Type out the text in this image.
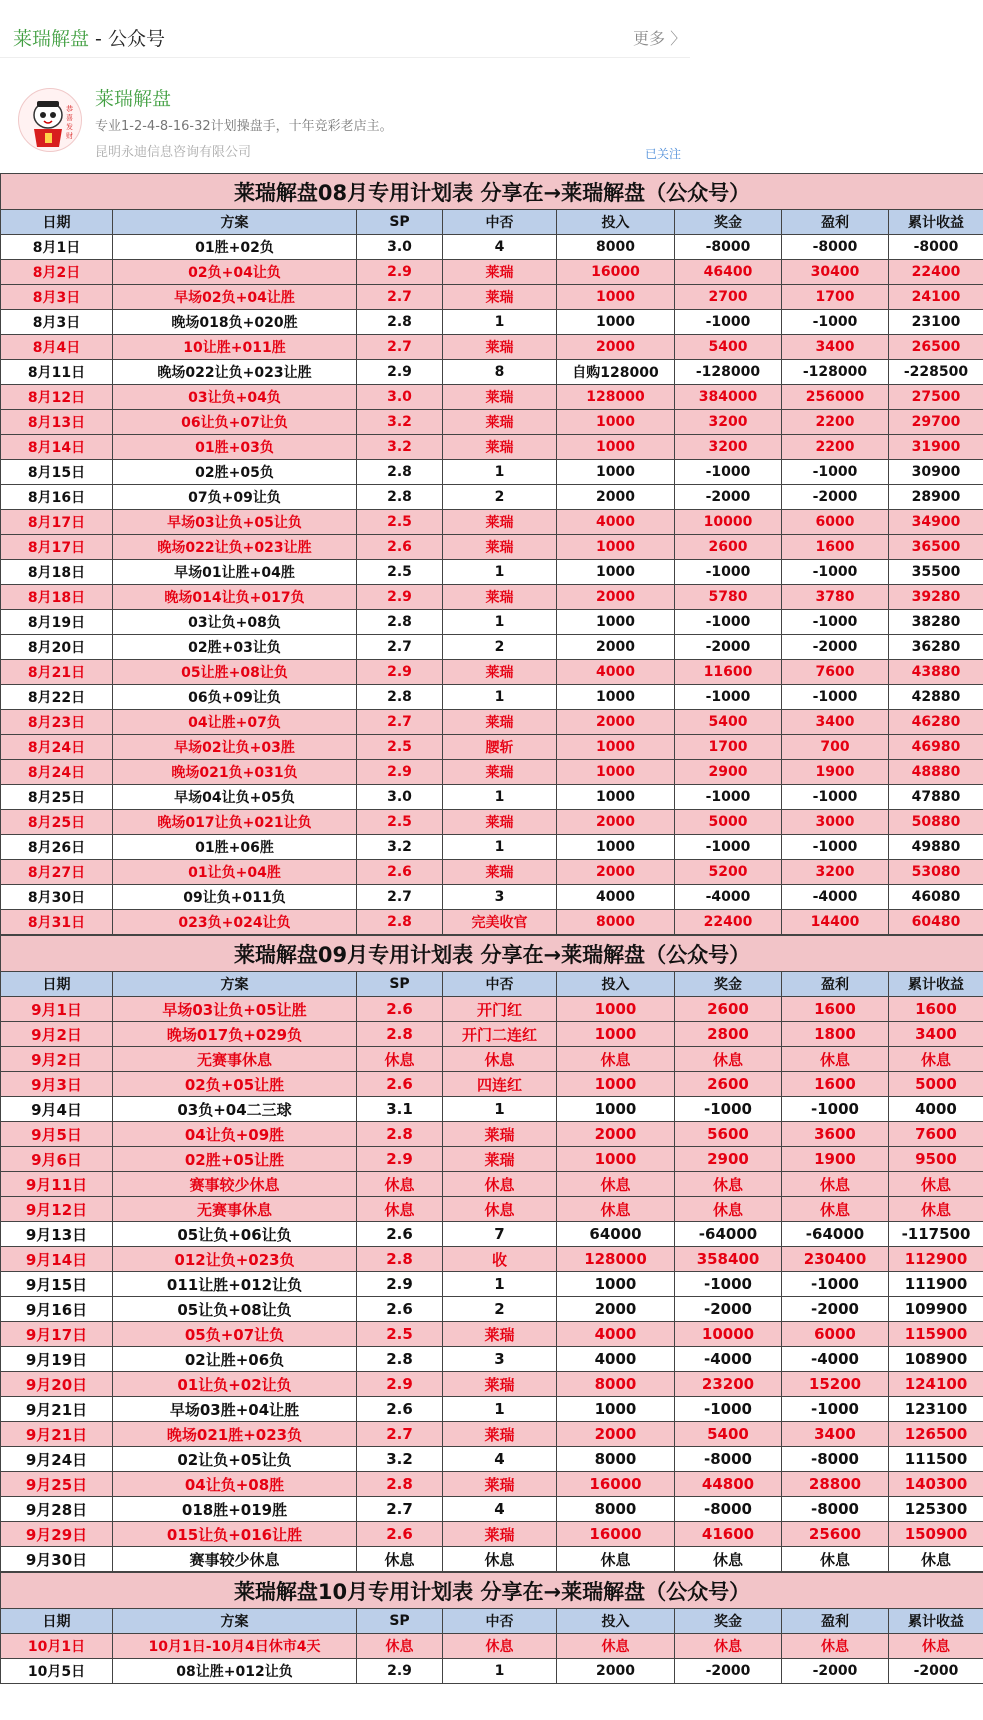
莱瑞解盘 - 公众号	更多 〉
恭
喜
发
财
莱瑞解盘
专业1-2-4-8-16-32计划操盘手，十年竞彩老店主。
昆明永迪信息咨询有限公司	已关注
莱瑞解盘08月专用计划表 分享在→莱瑞解盘（公众号）							
日期	方案	SP	中否	投入	奖金	盈利	累计收益
8月1日	01胜+02负	3.0	4	8000	-8000	-8000	-8000
8月2日	02负+04让负	2.9	莱瑞	16000	46400	30400	22400
8月3日	早场02负+04让胜	2.7	莱瑞	1000	2700	1700	24100
8月3日	晚场018负+020胜	2.8	1	1000	-1000	-1000	23100
8月4日	10让胜+011胜	2.7	莱瑞	2000	5400	3400	26500
8月11日	晚场022让负+023让胜	2.9	8	自购128000	-128000	-128000	-228500
8月12日	03让负+04负	3.0	莱瑞	128000	384000	256000	27500
8月13日	06让负+07让负	3.2	莱瑞	1000	3200	2200	29700
8月14日	01胜+03负	3.2	莱瑞	1000	3200	2200	31900
8月15日	02胜+05负	2.8	1	1000	-1000	-1000	30900
8月16日	07负+09让负	2.8	2	2000	-2000	-2000	28900
8月17日	早场03让负+05让负	2.5	莱瑞	4000	10000	6000	34900
8月17日	晚场022让负+023让胜	2.6	莱瑞	1000	2600	1600	36500
8月18日	早场01让胜+04胜	2.5	1	1000	-1000	-1000	35500
8月18日	晚场014让负+017负	2.9	莱瑞	2000	5780	3780	39280
8月19日	03让负+08负	2.8	1	1000	-1000	-1000	38280
8月20日	02胜+03让负	2.7	2	2000	-2000	-2000	36280
8月21日	05让胜+08让负	2.9	莱瑞	4000	11600	7600	43880
8月22日	06负+09让负	2.8	1	1000	-1000	-1000	42880
8月23日	04让胜+07负	2.7	莱瑞	2000	5400	3400	46280
8月24日	早场02让负+03胜	2.5	腰斩	1000	1700	700	46980
8月24日	晚场021负+031负	2.9	莱瑞	1000	2900	1900	48880
8月25日	早场04让负+05负	3.0	1	1000	-1000	-1000	47880
8月25日	晚场017让负+021让负	2.5	莱瑞	2000	5000	3000	50880
8月26日	01胜+06胜	3.2	1	1000	-1000	-1000	49880
8月27日	01让负+04胜	2.6	莱瑞	2000	5200	3200	53080
8月30日	09让负+011负	2.7	3	4000	-4000	-4000	46080
8月31日	023负+024让负	2.8	完美收官	8000	22400	14400	60480
莱瑞解盘09月专用计划表 分享在→莱瑞解盘（公众号）							
日期	方案	SP	中否	投入	奖金	盈利	累计收益
9月1日	早场03让负+05让胜	2.6	开门红	1000	2600	1600	1600
9月2日	晚场017负+029负	2.8	开门二连红	1000	2800	1800	3400
9月2日	无赛事休息	休息	休息	休息	休息	休息	休息
9月3日	02负+05让胜	2.6	四连红	1000	2600	1600	5000
9月4日	03负+04二三球	3.1	1	1000	-1000	-1000	4000
9月5日	04让负+09胜	2.8	莱瑞	2000	5600	3600	7600
9月6日	02胜+05让胜	2.9	莱瑞	1000	2900	1900	9500
9月11日	赛事较少休息	休息	休息	休息	休息	休息	休息
9月12日	无赛事休息	休息	休息	休息	休息	休息	休息
9月13日	05让负+06让负	2.6	7	64000	-64000	-64000	-117500
9月14日	012让负+023负	2.8	收	128000	358400	230400	112900
9月15日	011让胜+012让负	2.9	1	1000	-1000	-1000	111900
9月16日	05让负+08让负	2.6	2	2000	-2000	-2000	109900
9月17日	05负+07让负	2.5	莱瑞	4000	10000	6000	115900
9月19日	02让胜+06负	2.8	3	4000	-4000	-4000	108900
9月20日	01让负+02让负	2.9	莱瑞	8000	23200	15200	124100
9月21日	早场03胜+04让胜	2.6	1	1000	-1000	-1000	123100
9月21日	晚场021胜+023负	2.7	莱瑞	2000	5400	3400	126500
9月24日	02让负+05让负	3.2	4	8000	-8000	-8000	111500
9月25日	04让负+08胜	2.8	莱瑞	16000	44800	28800	140300
9月28日	018胜+019胜	2.7	4	8000	-8000	-8000	125300
9月29日	015让负+016让胜	2.6	莱瑞	16000	41600	25600	150900
9月30日	赛事较少休息	休息	休息	休息	休息	休息	休息
莱瑞解盘10月专用计划表 分享在→莱瑞解盘（公众号）							
日期	方案	SP	中否	投入	奖金	盈利	累计收益
10月1日	10月1日-10月4日休市4天	休息	休息	休息	休息	休息	休息
10月5日	08让胜+012让负	2.9	1	2000	-2000	-2000	-2000
